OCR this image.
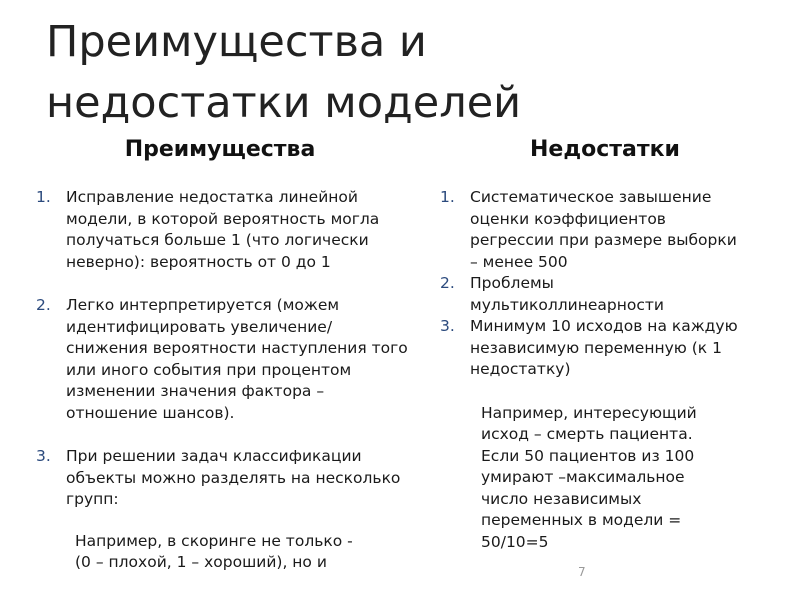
Преимущества и
недостатки моделей
Преимущества	Недостатки
1. Исправление недостатка линейной модели, в которой вероятность могла получаться больше 1 (что логически неверно): вероятность от 0 до 1
2. Легко интерпретируется (можем идентифицировать увеличение/ снижения вероятности наступления того или иного события при процентом изменении значения фактора – отношение шансов).
3. При решении задач классификации объекты можно разделять на несколько групп:
Например, в скоринге не только -
(0 – плохой, 1 – хороший), но и
1. Систематическое завышение оценки коэффициентов регрессии при размере выборки – менее 500
2. Проблемы мультиколлинеарности
3. Минимум 10 исходов на каждую независимую переменную (к 1 недостатку)
Например, интересующий
исход – смерть пациента.
Если 50 пациентов из 100
умирают –максимальное
число независимых
переменных в модели =
50/10=5
7
